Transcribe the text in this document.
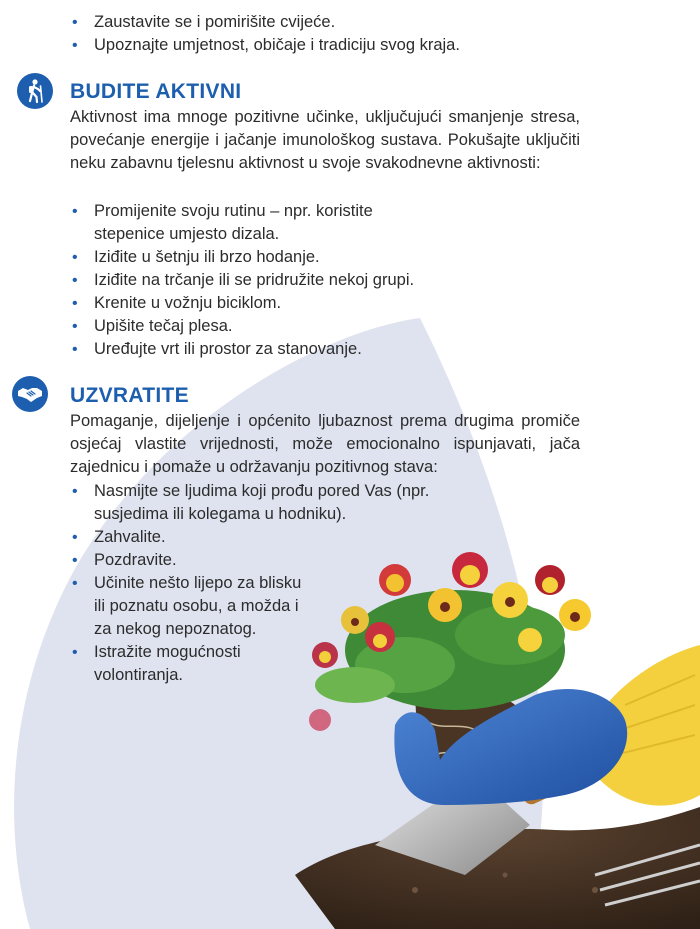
• Zaustavite se i pomirišite cvijeće.
• Upoznajte umjetnost, običaje i tradiciju svog kraja.
BUDITE AKTIVNI

Aktivnost ima mnoge pozitivne učinke, uključujući smanjenje stresa, povećanje energije i jačanje imunološkog sustava. Pokušajte uključiti neku zabavnu tjelesnu aktivnost u svoje svakodnevne aktivnosti:

• Promijenite svoju rutinu – npr. koristite stepenice umjesto dizala.
• Iziđite u šetnju ili brzo hodanje.
• Iziđite na trčanje ili se pridružite nekoj grupi.
• Krenite u vožnju biciklom.
• Upišite tečaj plesa.
• Uređujte vrt ili prostor za stanovanje.
UZVRATITE

Pomaganje, dijeljenje i općenito ljubaznost prema drugima promiče osjećaj vlastite vrijednosti, može emocionalno ispunjavati, jača zajednicu i pomaže u održavanju pozitivnog stava:

• Nasmijte se ljudima koji prođu pored Vas (npr. susjedima ili kolegama u hodniku).
• Zahvalite.
• Pozdravite.
• Učinite nešto lijepo za blisku ili poznatu osobu, a možda i za nekog nepoznatog.
• Istražite mogućnosti volontiranja.
